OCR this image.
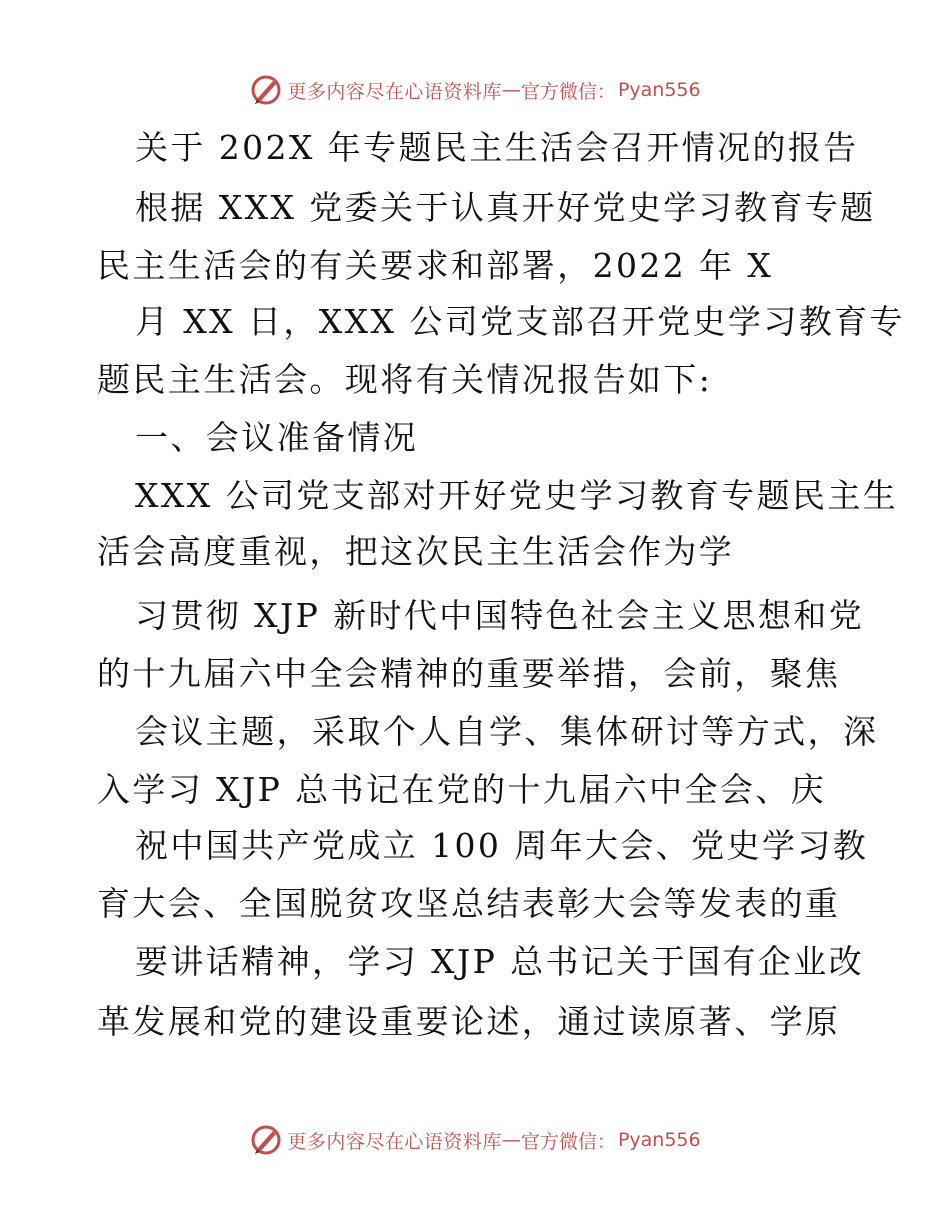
更多内容尽在心语资料库 — 官方微信： Pyan556
关于 202X 年专题民主生活会召开情况的报告
根据 XXX 党委关于认真开好党史学习教育专题
民主生活会的有关要求和部署，2022 年 X
月 XX 日，XXX 公司党支部召开党史学习教育专
题民主生活会。现将有关情况报告如下:
一、会议准备情况
XXX 公司党支部对开好党史学习教育专题民主生
活会高度重视，把这次民主生活会作为学
习贯彻 XJP 新时代中国特色社会主义思想和党
的十九届六中全会精神的重要举措，会前，聚焦
会议主题，采取个人自学、集体研讨等方式，深
入学习 XJP 总书记在党的十九届六中全会、庆
祝中国共产党成立 100 周年大会、党史学习教
育大会、全国脱贫攻坚总结表彰大会等发表的重
要讲话精神，学习 XJP 总书记关于国有企业改
革发展和党的建设重要论述，通过读原著、学原
更多内容尽在心语资料库 — 官方微信： Pyan556
